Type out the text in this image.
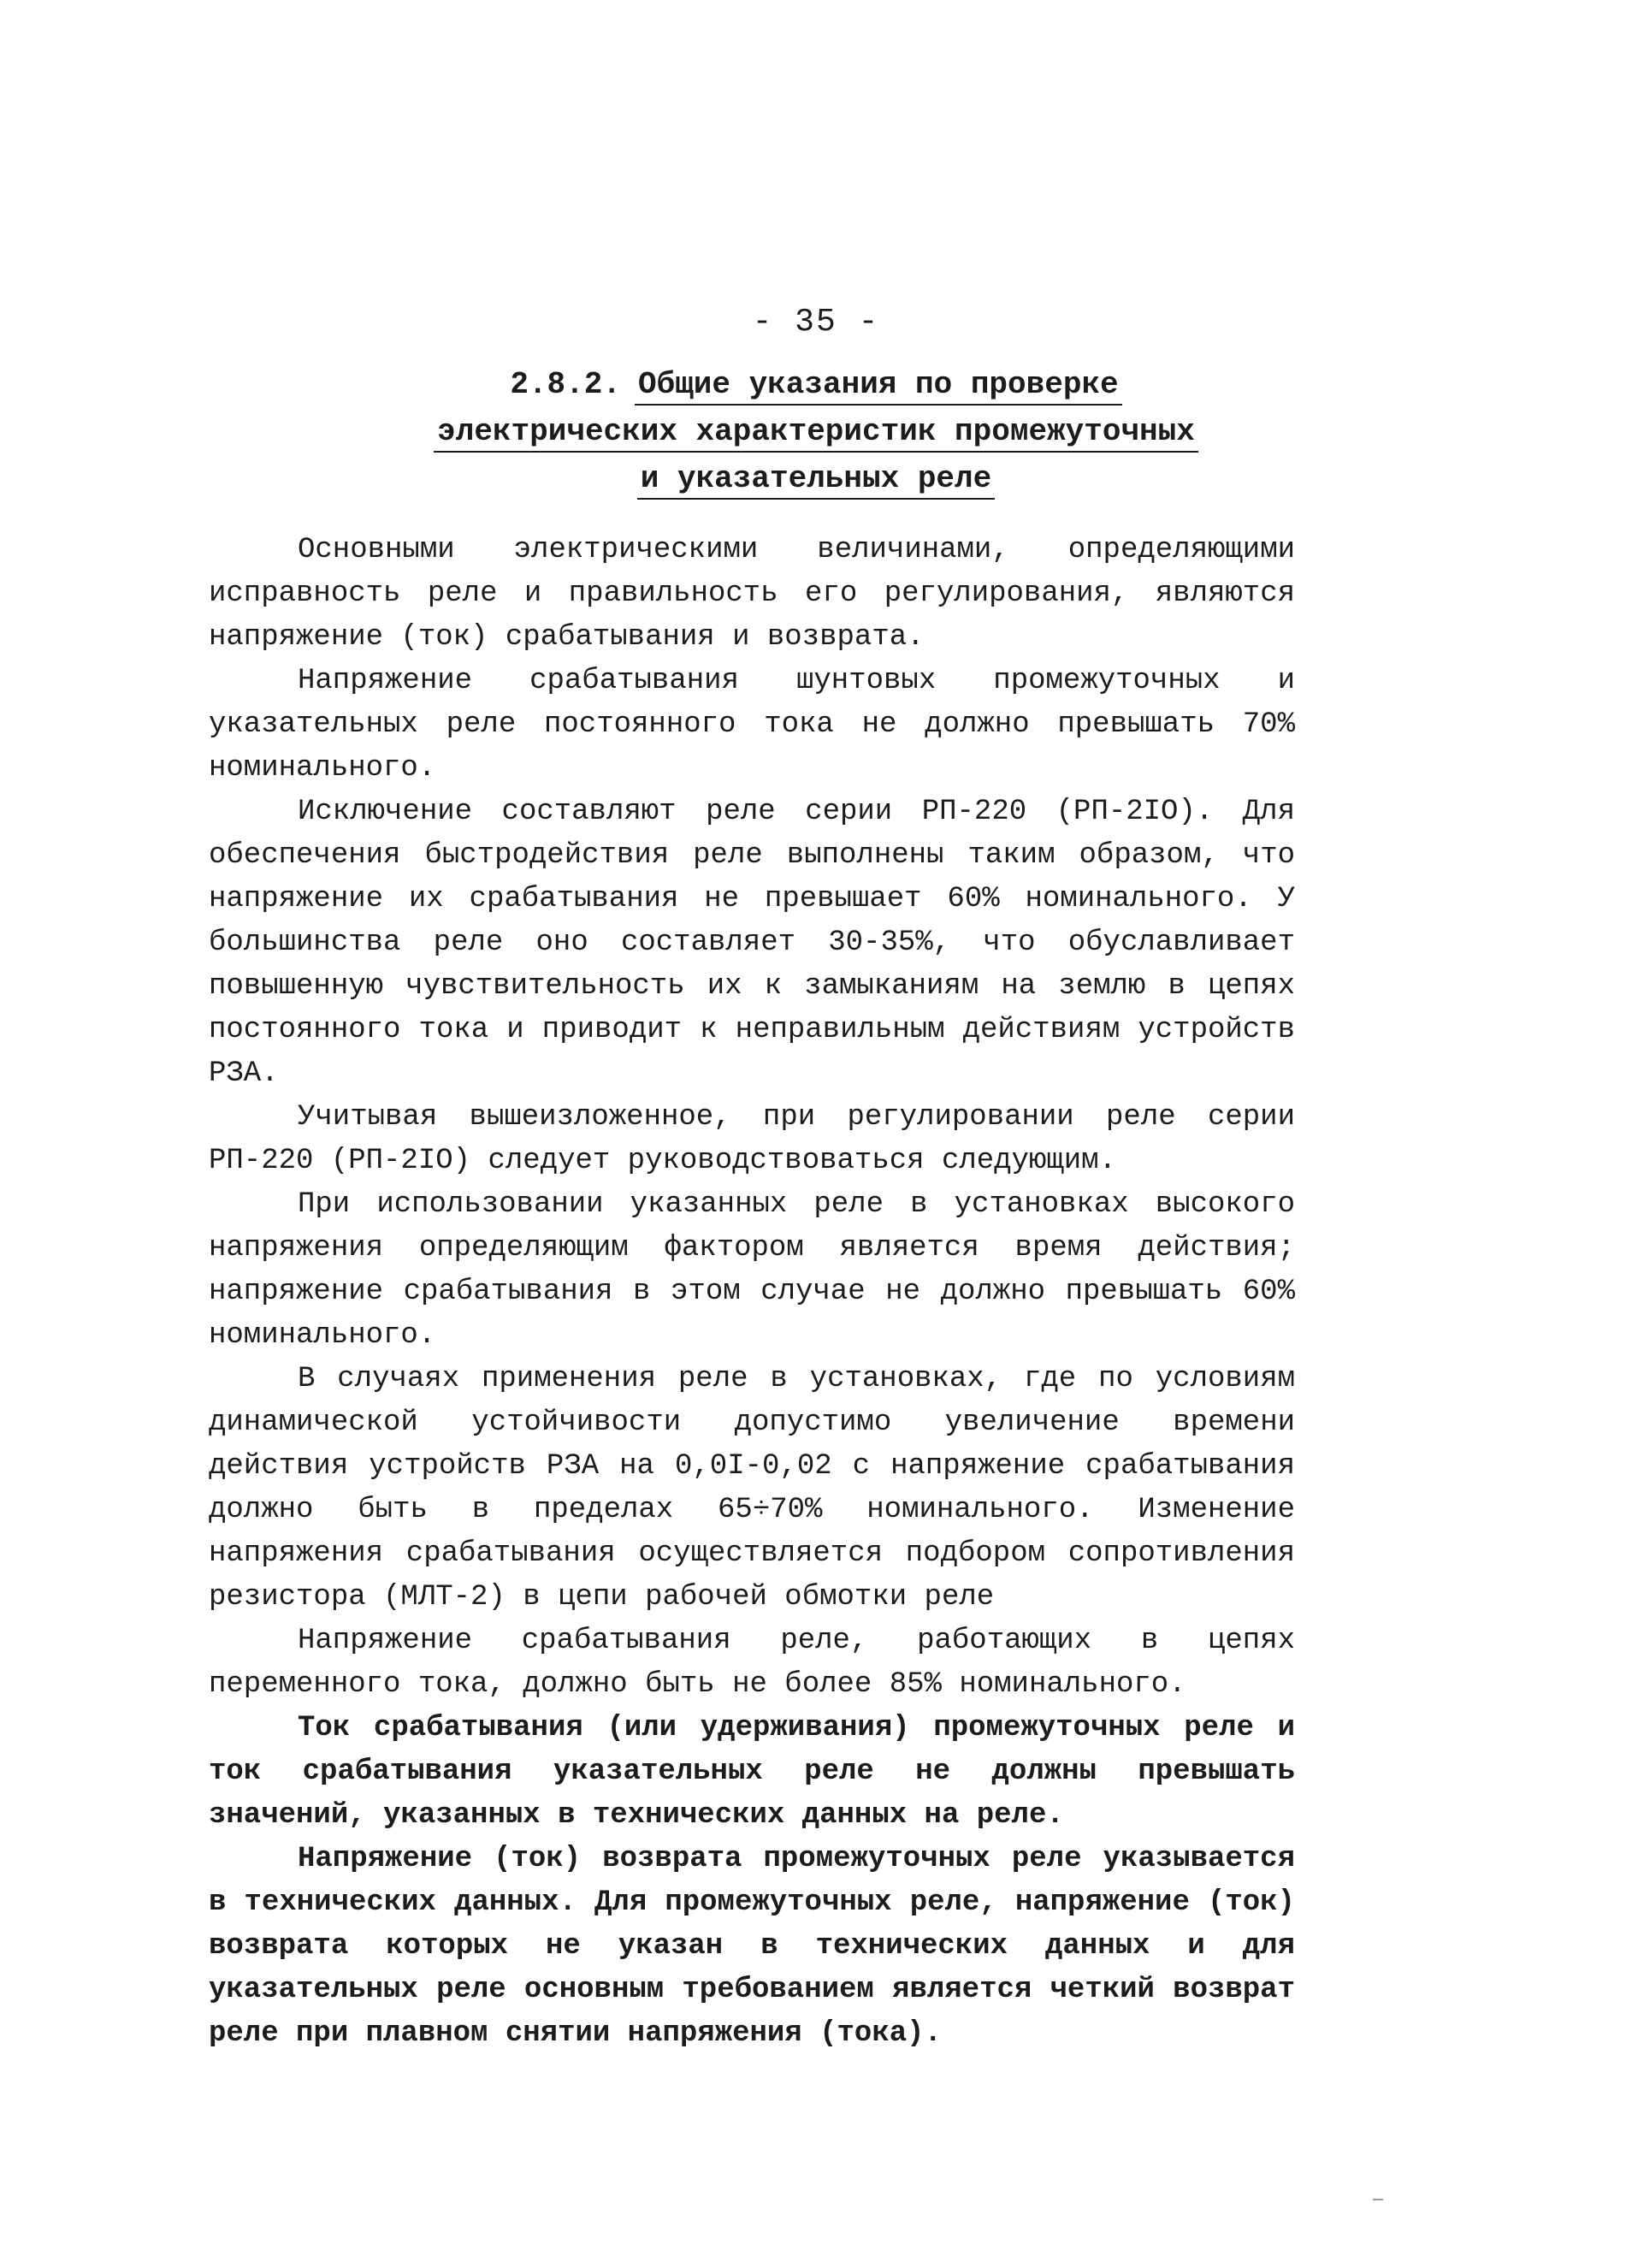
- 35 -
2.8.2. Общие указания по проверке
электрических характеристик промежуточных
и указательных реле

Основными электрическими величинами, определяющими исправность реле и правильность его регулирования, являются напряжение (ток) срабатывания и возврата.

Напряжение срабатывания шунтовых промежуточных и указательных реле постоянного тока не должно превышать 70% номинального.

Исключение составляют реле серии РП-220 (РП-2IO). Для обеспечения быстродействия реле выполнены таким образом, что напряжение их срабатывания не превышает 60% номинального. У большинства реле оно составляет 30-35%, что обуславливает повышенную чувствительность их к замыканиям на землю в цепях постоянного тока и приводит к неправильным действиям устройств РЗА.

Учитывая вышеизложенное, при регулировании реле серии РП-220 (РП-2IO) следует руководствоваться следующим.

При использовании указанных реле в установках высокого напряжения определяющим фактором является время действия; напряжение срабатывания в этом случае не должно превышать 60% номинального.

В случаях применения реле в установках, где по условиям динамической устойчивости допустимо увеличение времени действия устройств РЗА на 0,0I-0,02 с напряжение срабатывания должно быть в пределах 65÷70% номинального. Изменение напряжения срабатывания осуществляется подбором сопротивления резистора (МЛТ-2) в цепи рабочей обмотки реле

Напряжение срабатывания реле, работающих в цепях переменного тока, должно быть не более 85% номинального.

Ток срабатывания (или удерживания) промежуточных реле и ток срабатывания указательных реле не должны превышать значений, указанных в технических данных на реле.

Напряжение (ток) возврата промежуточных реле указывается в технических данных. Для промежуточных реле, напряжение (ток) возврата которых не указан в технических данных и для указательных реле основным требованием является четкий возврат реле при плавном снятии напряжения (тока).
